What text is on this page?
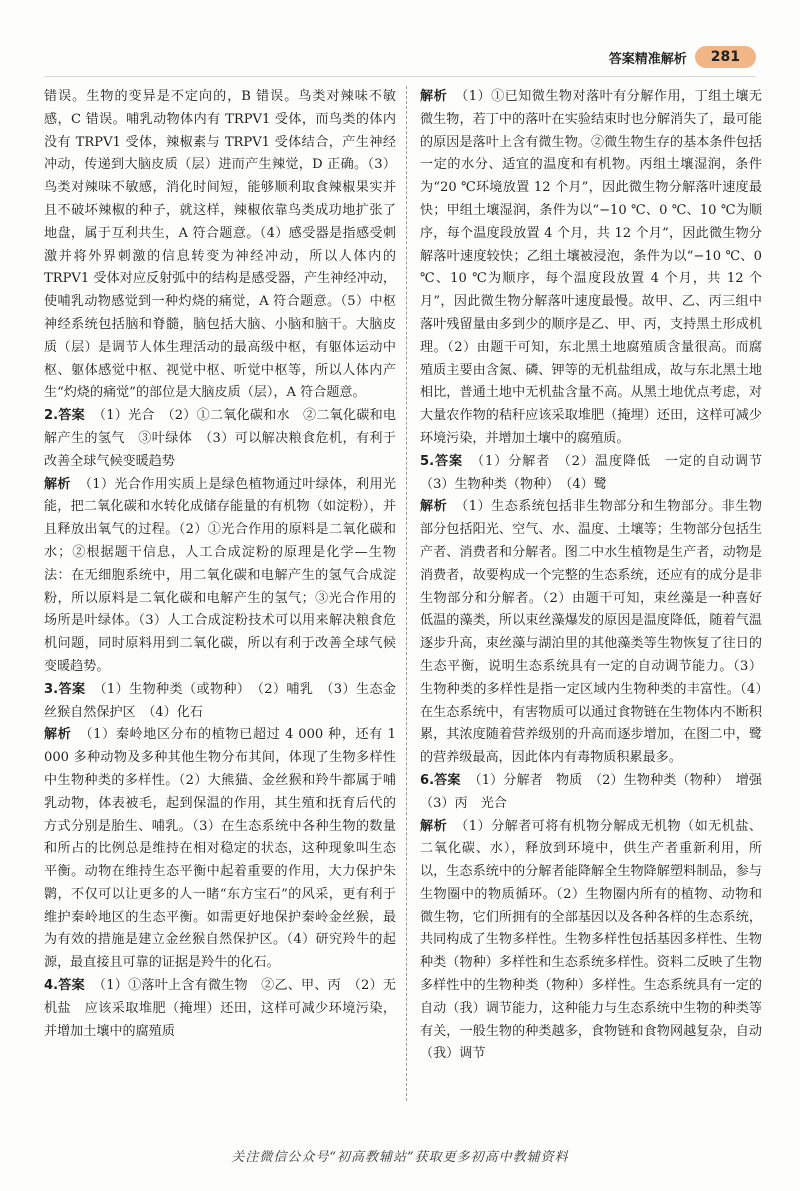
答案精准解析	281

错误。生物的变异是不定向的，B 错误。鸟类对辣味不敏感，C 错误。哺乳动物体内有 TRPV1 受体，而鸟类的体内没有 TRPV1 受体，辣椒素与 TRPV1 受体结合，产生神经冲动，传递到大脑皮质（层）进而产生辣觉，D 正确。（3）鸟类对辣味不敏感，消化时间短，能够顺利取食辣椒果实并且不破坏辣椒的种子，就这样，辣椒依靠鸟类成功地扩张了地盘，属于互利共生，A 符合题意。（4）感受器是指感受刺激并将外界刺激的信息转变为神经冲动，所以人体内的 TRPV1 受体对应反射弧中的结构是感受器，产生神经冲动，使哺乳动物感觉到一种灼烧的痛觉，A 符合题意。（5）中枢神经系统包括脑和脊髓，脑包括大脑、小脑和脑干。大脑皮质（层）是调节人体生理活动的最高级中枢，有躯体运动中枢、躯体感觉中枢、视觉中枢、听觉中枢等，所以人体内产生“灼烧的痛觉”的部位是大脑皮质（层），A 符合题意。

2.答案 （1）光合　（2）①二氧化碳和水　②二氧化碳和电解产生的氢气　③叶绿体　（3）可以解决粮食危机，有利于改善全球气候变暖趋势

解析 （1）光合作用实质上是绿色植物通过叶绿体，利用光能，把二氧化碳和水转化成储存能量的有机物（如淀粉），并且释放出氧气的过程。（2）①光合作用的原料是二氧化碳和水；②根据题干信息，人工合成淀粉的原理是化学—生物法：在无细胞系统中，用二氧化碳和电解产生的氢气合成淀粉，所以原料是二氧化碳和电解产生的氢气；③光合作用的场所是叶绿体。（3）人工合成淀粉技术可以用来解决粮食危机问题，同时原料用到二氧化碳，所以有利于改善全球气候变暖趋势。

3.答案 （1）生物种类（或物种）　（2）哺乳　（3）生态金丝猴自然保护区　（4）化石

解析 （1）秦岭地区分布的植物已超过 4 000 种，还有 1 000 多种动物及多种其他生物分布其间，体现了生物多样性中生物种类的多样性。（2）大熊猫、金丝猴和羚牛都属于哺乳动物，体表被毛，起到保温的作用，其生殖和抚育后代的方式分别是胎生、哺乳。（3）在生态系统中各种生物的数量和所占的比例总是维持在相对稳定的状态，这种现象叫生态平衡。动物在维持生态平衡中起着重要的作用，大力保护朱鹮，不仅可以让更多的人一睹“东方宝石”的风采，更有利于维护秦岭地区的生态平衡。如需更好地保护秦岭金丝猴，最为有效的措施是建立金丝猴自然保护区。（4）研究羚牛的起源，最直接且可靠的证据是羚牛的化石。

4.答案 （1）①落叶上含有微生物　②乙、甲、丙　（2）无机盐　应该采取堆肥（掩埋）还田，这样可减少环境污染，并增加土壤中的腐殖质

解析 （1）①已知微生物对落叶有分解作用，丁组土壤无微生物，若丁中的落叶在实验结束时也分解消失了，最可能的原因是落叶上含有微生物。②微生物生存的基本条件包括一定的水分、适宜的温度和有机物。丙组土壤湿润，条件为“20 ℃环境放置 12 个月”，因此微生物分解落叶速度最快；甲组土壤湿润，条件为以“−10 ℃、0 ℃、10 ℃为顺序，每个温度段放置 4 个月，共 12 个月”，因此微生物分解落叶速度较快；乙组土壤被浸泡，条件为以“−10 ℃、0 ℃、10 ℃为顺序，每个温度段放置 4 个月，共 12 个月”，因此微生物分解落叶速度最慢。故甲、乙、丙三组中落叶残留量由多到少的顺序是乙、甲、丙，支持黑土形成机理。（2）由题干可知，东北黑土地腐殖质含量很高。而腐殖质主要由含氮、磷、钾等的无机盐组成，故与东北黑土地相比，普通土地中无机盐含量不高。从黑土地优点考虑，对大量农作物的秸秆应该采取堆肥（掩埋）还田，这样可减少环境污染，并增加土壤中的腐殖质。

5.答案 （1）分解者　（2）温度降低　一定的自动调节　（3）生物种类（物种）　（4）鹭

解析 （1）生态系统包括非生物部分和生物部分。非生物部分包括阳光、空气、水、温度、土壤等；生物部分包括生产者、消费者和分解者。图二中水生植物是生产者，动物是消费者，故要构成一个完整的生态系统，还应有的成分是非生物部分和分解者。（2）由题干可知，束丝藻是一种喜好低温的藻类，所以束丝藻爆发的原因是温度降低，随着气温逐步升高，束丝藻与湖泊里的其他藻类等生物恢复了往日的生态平衡，说明生态系统具有一定的自动调节能力。（3）生物种类的多样性是指一定区域内生物种类的丰富性。（4）在生态系统中，有害物质可以通过食物链在生物体内不断积累，其浓度随着营养级别的升高而逐步增加，在图二中，鹭的营养级最高，因此体内有毒物质积累最多。

6.答案 （1）分解者　物质　（2）生物种类（物种）　增强　（3）丙　光合

解析 （1）分解者可将有机物分解成无机物（如无机盐、二氧化碳、水），释放到环境中，供生产者重新利用，所以，生态系统中的分解者能降解全生物降解塑料制品，参与生物圈中的物质循环。（2）生物圈内所有的植物、动物和微生物，它们所拥有的全部基因以及各种各样的生态系统，共同构成了生物多样性。生物多样性包括基因多样性、生物种类（物种）多样性和生态系统多样性。资料二反映了生物多样性中的生物种类（物种）多样性。生态系统具有一定的自动（我）调节能力，这种能力与生态系统中生物的种类等有关，一般生物的种类越多，食物链和食物网越复杂，自动（我）调节

关注微信公众号“初高教辅站”获取更多初高中教辅资料
